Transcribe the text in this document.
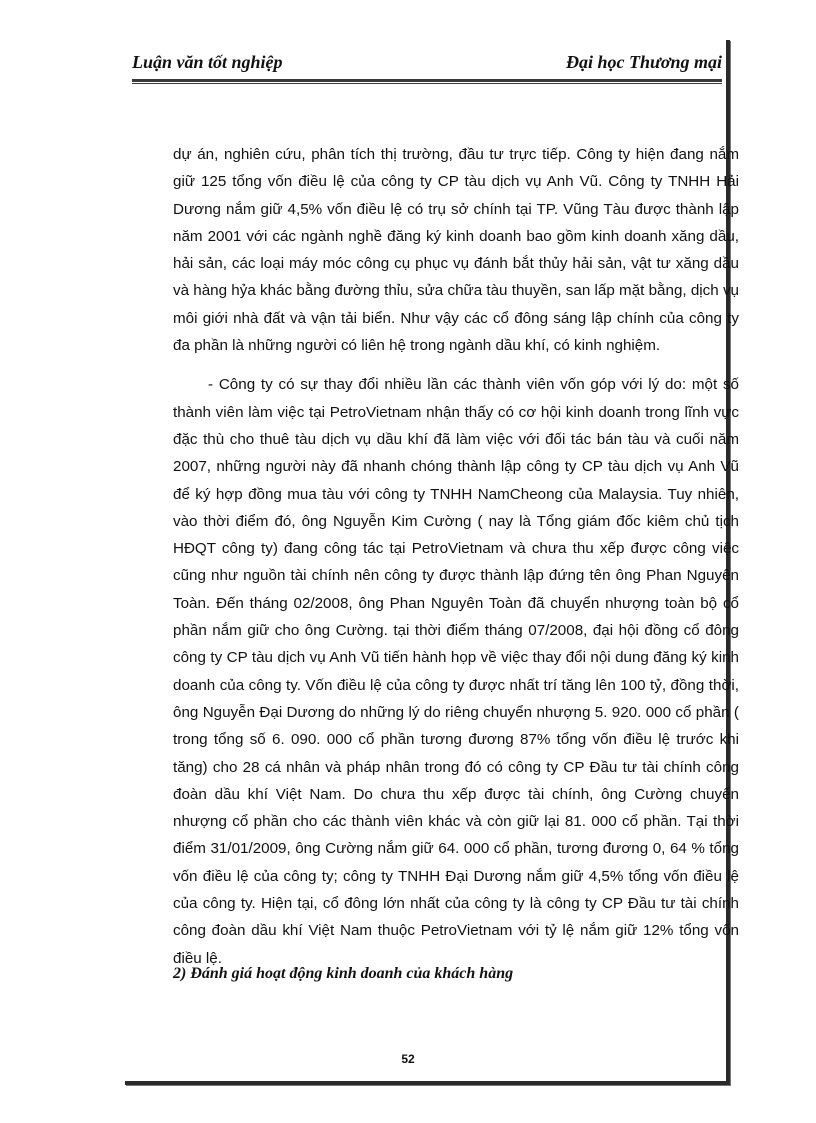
Luận văn tốt nghiệp	Đại học Thương mại

dự án, nghiên cứu, phân tích thị trường, đầu tư trực tiếp. Công ty hiện đang nắm giữ 125 tổng vốn điều lệ của công ty CP tàu dịch vụ Anh Vũ. Công ty TNHH Hải Dương nắm giữ 4,5% vốn điều lệ có trụ sở chính tại TP. Vũng Tàu được thành lập năm 2001 với các ngành nghề đăng ký kinh doanh bao gồm kinh doanh xăng dầu, hải sản, các loại máy móc công cụ phục vụ đánh bắt thủy hải sản, vật tư xăng dầu và hàng hỷa khác bằng đường thỉu, sửa chữa tàu thuyền, san lấp mặt bằng, dịch vụ môi giới nhà đất và vận tải biển. Như vậy các cổ đông sáng lập chính của công ty đa phần là những người có liên hệ trong ngành dầu khí, có kinh nghiệm.

- Công ty có sự thay đổi nhiều lần các thành viên vốn góp với lý do: một số thành viên làm việc tại PetroVietnam nhận thấy có cơ hội kinh doanh trong lĩnh vực đặc thù cho thuê tàu dịch vụ dầu khí đã làm việc với đối tác bán tàu và cuối năm 2007, những người này đã nhanh chóng thành lập công ty CP tàu dịch vụ Anh Vũ để ký hợp đồng mua tàu với công ty TNHH NamCheong của Malaysia. Tuy nhiên, vào thời điểm đó, ông Nguyễn Kim Cường ( nay là Tổng giám đốc kiêm chủ tịch HĐQT công ty) đang công tác tại PetroVietnam và chưa thu xếp được công việc cũng như nguồn tài chính nên công ty được thành lập đứng tên ông Phan Nguyên Toàn. Đến tháng 02/2008, ông Phan Nguyên Toàn đã chuyển nhượng toàn bộ cổ phần nắm giữ cho ông Cường. tại thời điểm tháng 07/2008, đại hội đồng cổ đông công ty CP tàu dịch vụ Anh Vũ tiến hành họp về việc thay đổi nội dung đăng ký kinh doanh của công ty. Vốn điều lệ của công ty được nhất trí tăng lên 100 tỷ, đồng thời, ông Nguyễn Đại Dương do những lý do riêng chuyển nhượng 5. 920. 000 cổ phần ( trong tổng số 6. 090. 000 cổ phần tương đương 87% tổng vốn điều lệ trước khi tăng) cho 28 cá nhân và pháp nhân trong đó có công ty CP Đầu tư tài chính công đoàn dầu khí Việt Nam. Do chưa thu xếp được tài chính, ông Cường chuyển nhượng cổ phần cho các thành viên khác và còn giữ lại 81. 000 cổ phần. Tại thời điểm 31/01/2009, ông Cường nắm giữ 64. 000 cổ phần, tương đương 0, 64 % tổng vốn điều lệ của công ty; công ty TNHH Đại Dương nắm giữ 4,5% tổng vốn điều lệ của công ty. Hiện tại, cổ đông lớn nhất của công ty là công ty CP Đầu tư tài chính công đoàn dầu khí Việt Nam thuộc PetroVietnam với tỷ lệ nắm giữ 12% tổng vốn điều lệ.

2) Đánh giá hoạt động kinh doanh của khách hàng
52
